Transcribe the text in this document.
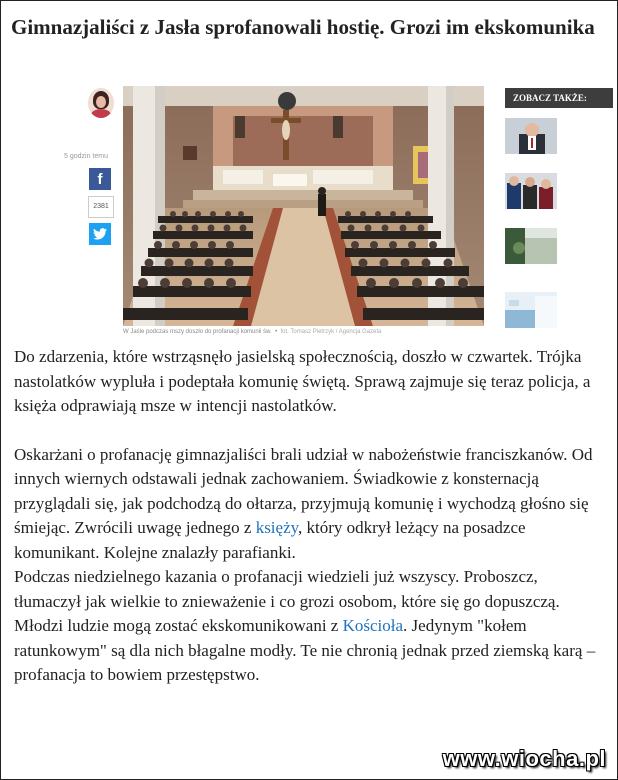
Gimnazjaliści z Jasła sprofanowali hostię. Grozi im ekskomunika
5 godzin temu
f
2381
W Jaśle podczas mszy doszło do profanacji komunii św.  •  fot. Tomasz Pietrzyk / Agencja Gazeta
ZOBACZ TAKŻE:

Do zdarzenia, które wstrząsnęło jasielską społecznością, doszło w czwartek. Trójka nastolatków wypluła i podeptała komunię świętą. Sprawą zajmuje się teraz policja, a księża odprawiają msze w intencji nastolatków.

Oskarżani o profanację gimnazjaliści brali udział w nabożeństwie franciszkanów. Od innych wiernych odstawali jednak zachowaniem. Świadkowie z konsternacją przyglądali się, jak podchodzą do ołtarza, przyjmują komunię i wychodzą głośno się śmiejąc. Zwrócili uwagę jednego z księży, który odkrył leżący na posadzce komunikant. Kolejne znalazły parafianki.

Podczas niedzielnego kazania o profanacji wiedzieli już wszyscy. Proboszcz, tłumaczył jak wielkie to znieważenie i co grozi osobom, które się go dopuszczą. Młodzi ludzie mogą zostać ekskomunikowani z Kościoła. Jedynym "kołem ratunkowym" są dla nich błagalne modły. Te nie chronią jednak przed ziemską karą – profanacja to bowiem przestępstwo.

www.wiocha.pl
